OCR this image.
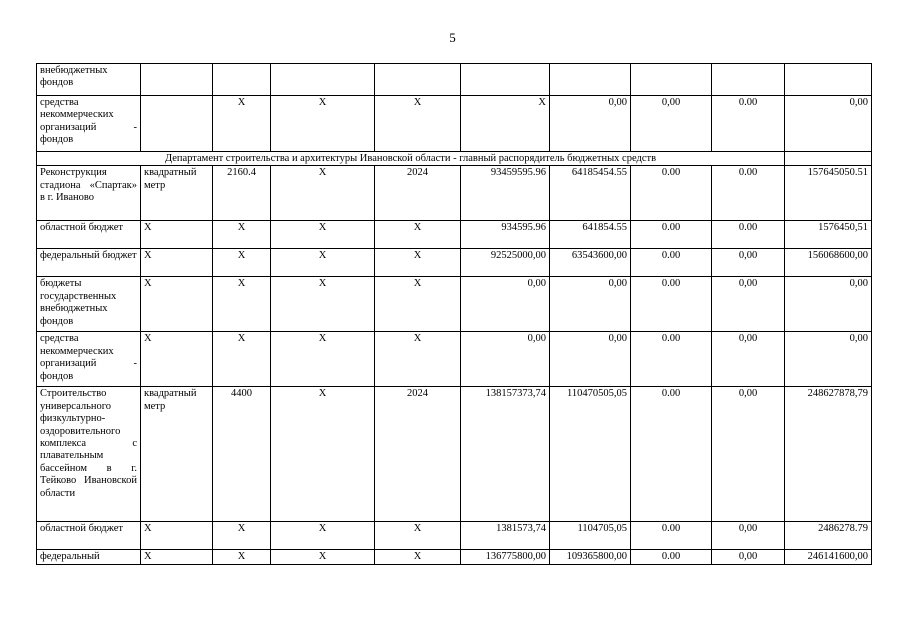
5
внебюджетных фондов									
средства некоммерческих организаций - фондов		Х	Х	Х	Х	0,00	0,00	0.00	0,00
Департамент строительства и архитектуры Ивановской области - главный распорядитель бюджетных средств									
Реконструкция стадиона «Спартак» в г. Иваново	квадратный метр	2160.4	Х	2024	93459595.96	64185454.55	0.00	0.00	157645050.51
областной бюджет	Х	Х	Х	Х	934595.96	641854.55	0.00	0.00	1576450,51
федеральный бюджет	Х	Х	Х	Х	92525000,00	63543600,00	0.00	0,00	156068600,00
бюджеты государственных внебюджетных фондов	Х	Х	Х	Х	0,00	0,00	0.00	0,00	0,00
средства некоммерческих организаций - фондов	Х	Х	Х	Х	0,00	0,00	0.00	0,00	0,00
Строительство универсального физкультурно-оздоровительного комплекса с плавательным бассейном в г. Тейково Ивановской области	квадратный метр	4400	Х	2024	138157373,74	110470505,05	0.00	0,00	248627878,79
областной бюджет	Х	Х	Х	Х	1381573,74	1104705,05	0.00	0,00	2486278.79
федеральный	Х	Х	Х	Х	136775800,00	109365800,00	0.00	0,00	246141600,00
